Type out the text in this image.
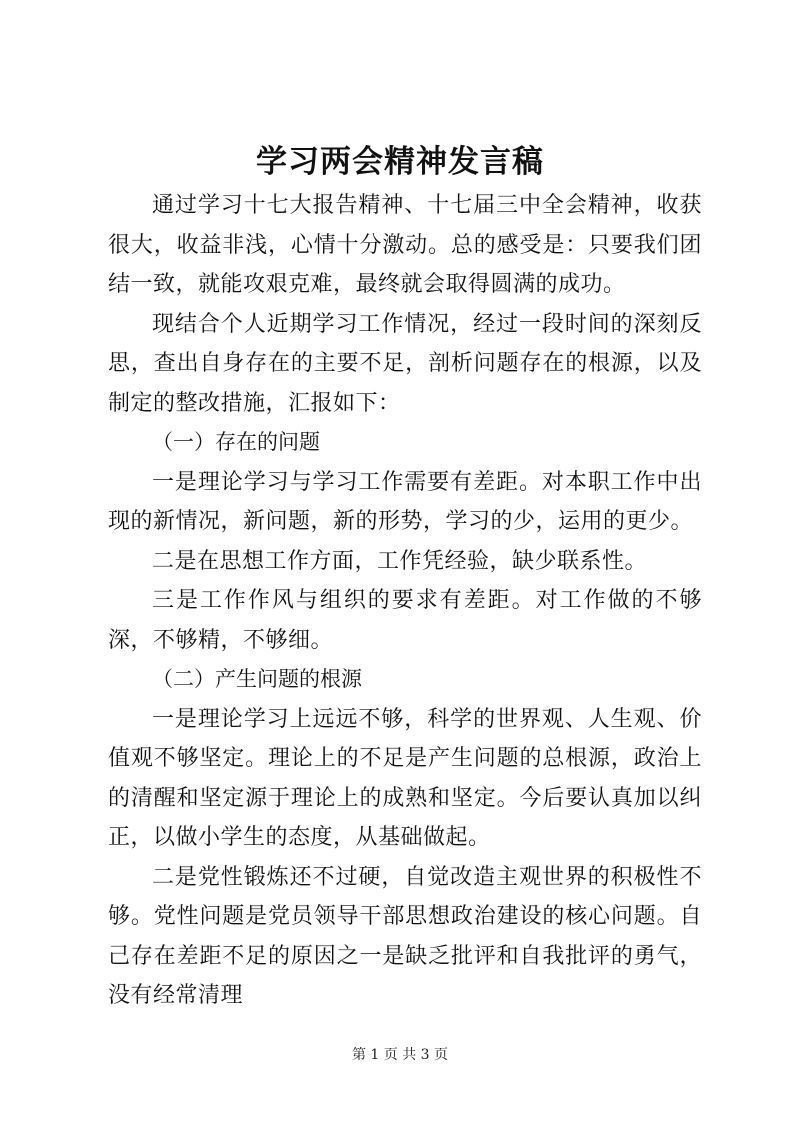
学习两会精神发言稿

通过学习十七大报告精神、十七届三中全会精神，收获很大，收益非浅，心情十分激动。总的感受是：只要我们团结一致，就能攻艰克难，最终就会取得圆满的成功。

现结合个人近期学习工作情况，经过一段时间的深刻反思，查出自身存在的主要不足，剖析问题存在的根源，以及制定的整改措施，汇报如下：

（一）存在的问题

一是理论学习与学习工作需要有差距。对本职工作中出现的新情况，新问题，新的形势，学习的少，运用的更少。

二是在思想工作方面，工作凭经验，缺少联系性。

三是工作作风与组织的要求有差距。对工作做的不够深，不够精，不够细。

（二）产生问题的根源

一是理论学习上远远不够，科学的世界观、人生观、价值观不够坚定。理论上的不足是产生问题的总根源，政治上的清醒和坚定源于理论上的成熟和坚定。今后要认真加以纠正，以做小学生的态度，从基础做起。

二是党性锻炼还不过硬，自觉改造主观世界的积极性不够。党性问题是党员领导干部思想政治建设的核心问题。自己存在差距不足的原因之一是缺乏批评和自我批评的勇气，没有经常清理

第 1 页 共 3 页
